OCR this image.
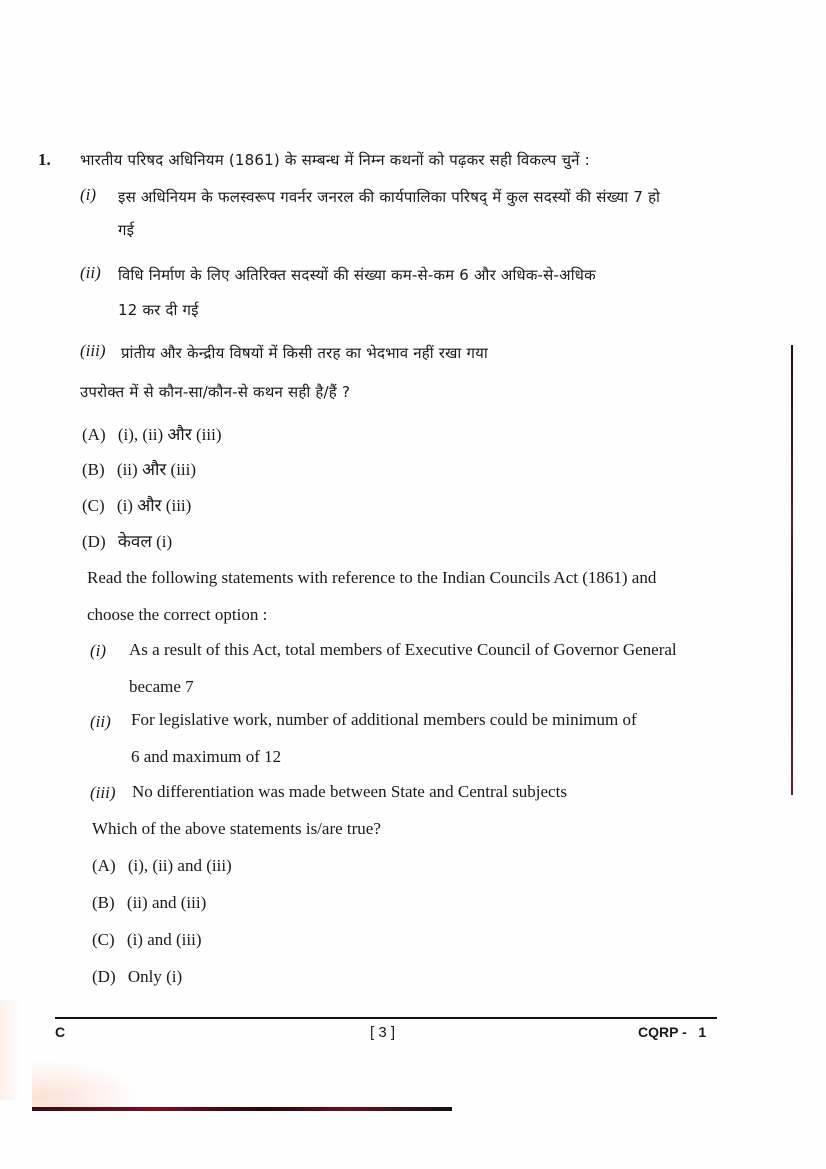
1. भारतीय परिषद अधिनियम (1861) के सम्बन्ध में निम्न कथनों को पढ़कर सही विकल्प चुनें :
(i) इस अधिनियम के फलस्वरूप गवर्नर जनरल की कार्यपालिका परिषद् में कुल सदस्यों की संख्या 7 हो
गई
(ii) विधि निर्माण के लिए अतिरिक्त सदस्यों की संख्या कम-से-कम 6 और अधिक-से-अधिक
12 कर दी गई
(iii) प्रांतीय और केन्द्रीय विषयों में किसी तरह का भेदभाव नहीं रखा गया
उपरोक्त में से कौन-सा/कौन-से कथन सही है/हैं ?
(A) (i), (ii) और (iii)
(B) (ii) और (iii)
(C) (i) और (iii)
(D) केवल (i)
Read the following statements with reference to the Indian Councils Act (1861) and
choose the correct option :
(i) As a result of this Act, total members of Executive Council of Governor General
became 7
(ii) For legislative work, number of additional members could be minimum of
6 and maximum of 12
(iii) No differentiation was made between State and Central subjects
Which of the above statements is/are true?
(A) (i), (ii) and (iii)
(B) (ii) and (iii)
(C) (i) and (iii)
(D) Only (i)
C	[ 3 ]	CQRP -   1
